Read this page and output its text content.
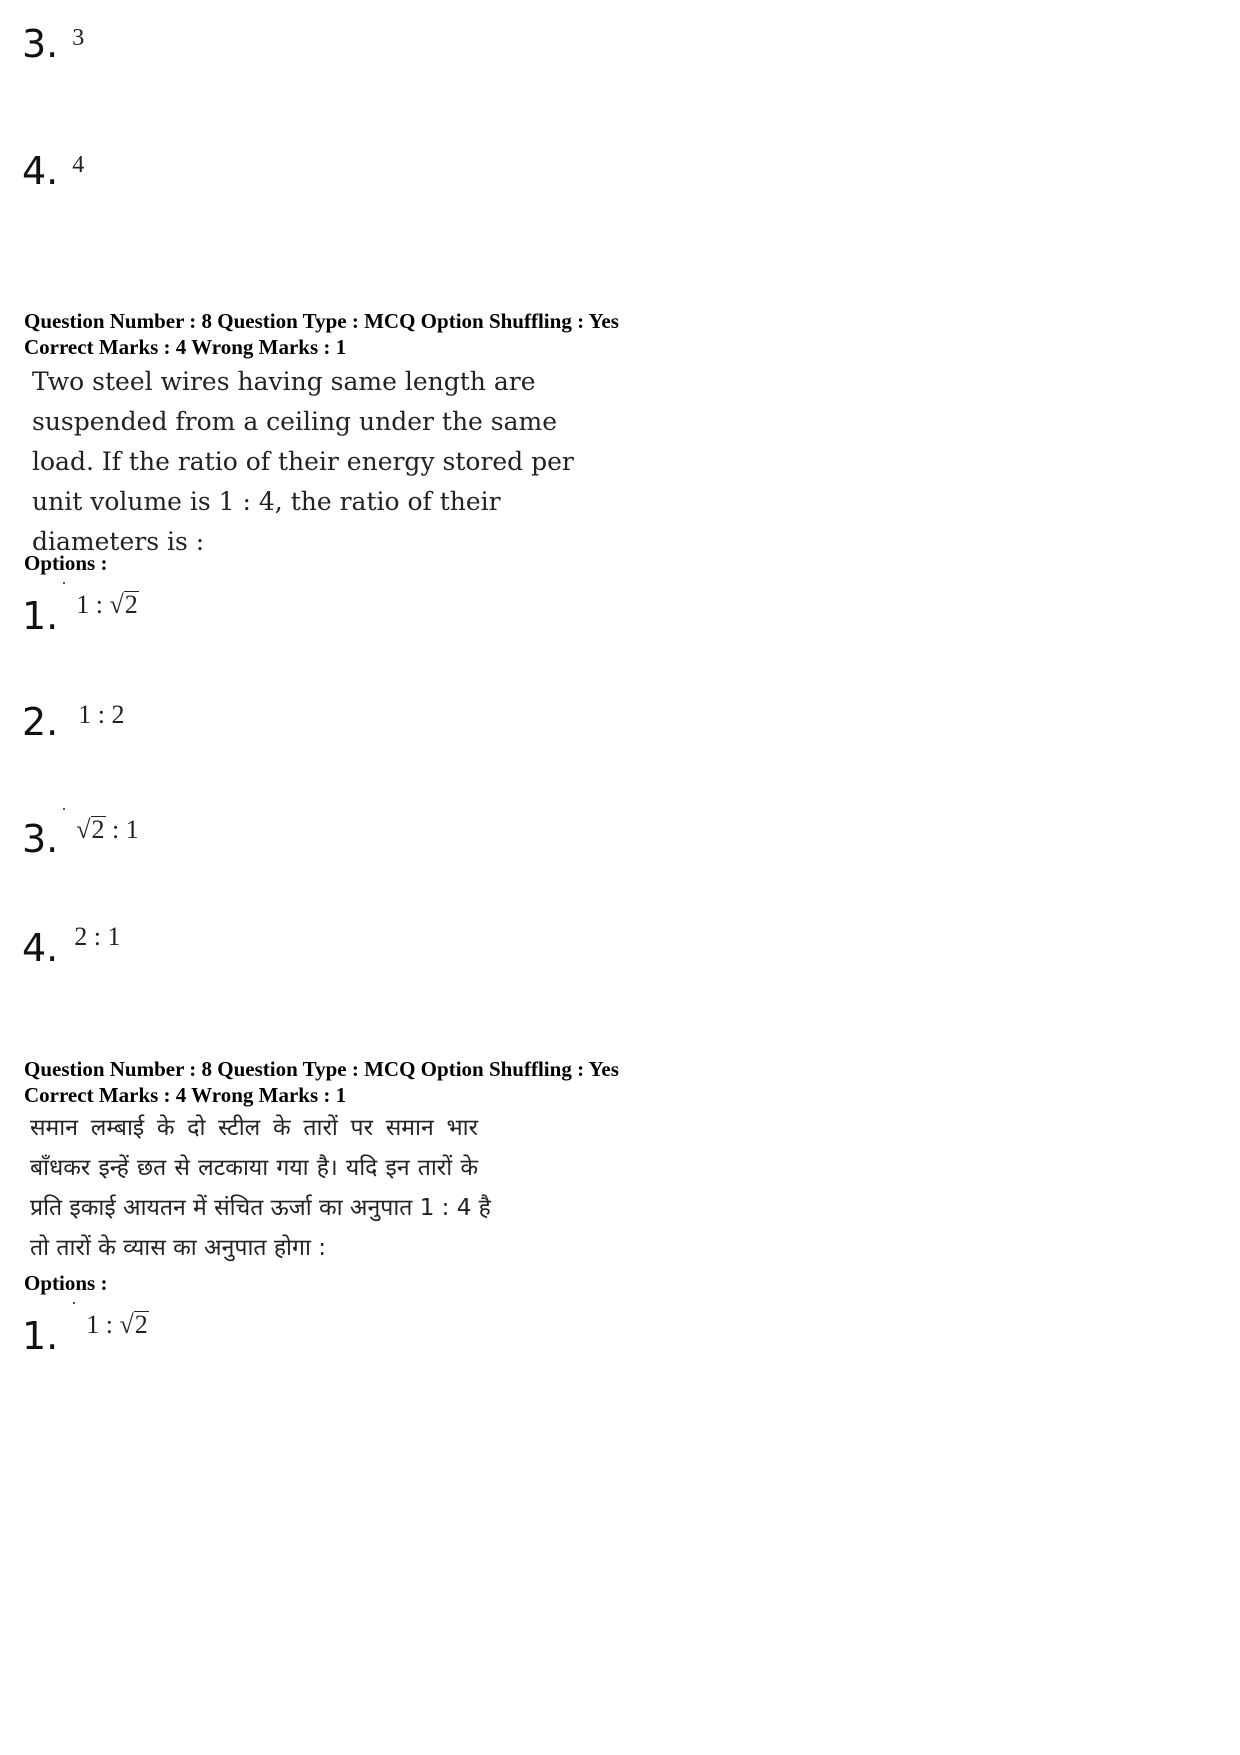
3. 3
4. 4
Question Number : 8 Question Type : MCQ Option Shuffling : Yes
Correct Marks : 4 Wrong Marks : 1
Two steel wires having same length are
suspended from a ceiling under the same
load. If the ratio of their energy stored per
unit volume is 1 : 4, the ratio of their
diameters is :
Options :
1. 1 : √2
2. 1 : 2
3. √2 : 1
4. 2 : 1
Question Number : 8 Question Type : MCQ Option Shuffling : Yes
Correct Marks : 4 Wrong Marks : 1
समान लम्बाई के दो स्टील के तारों पर समान भार
बाँधकर इन्हें छत से लटकाया गया है। यदि इन तारों के
प्रति इकाई आयतन में संचित ऊर्जा का अनुपात 1 : 4 है
तो तारों के व्यास का अनुपात होगा :
Options :
1. 1 : √2
